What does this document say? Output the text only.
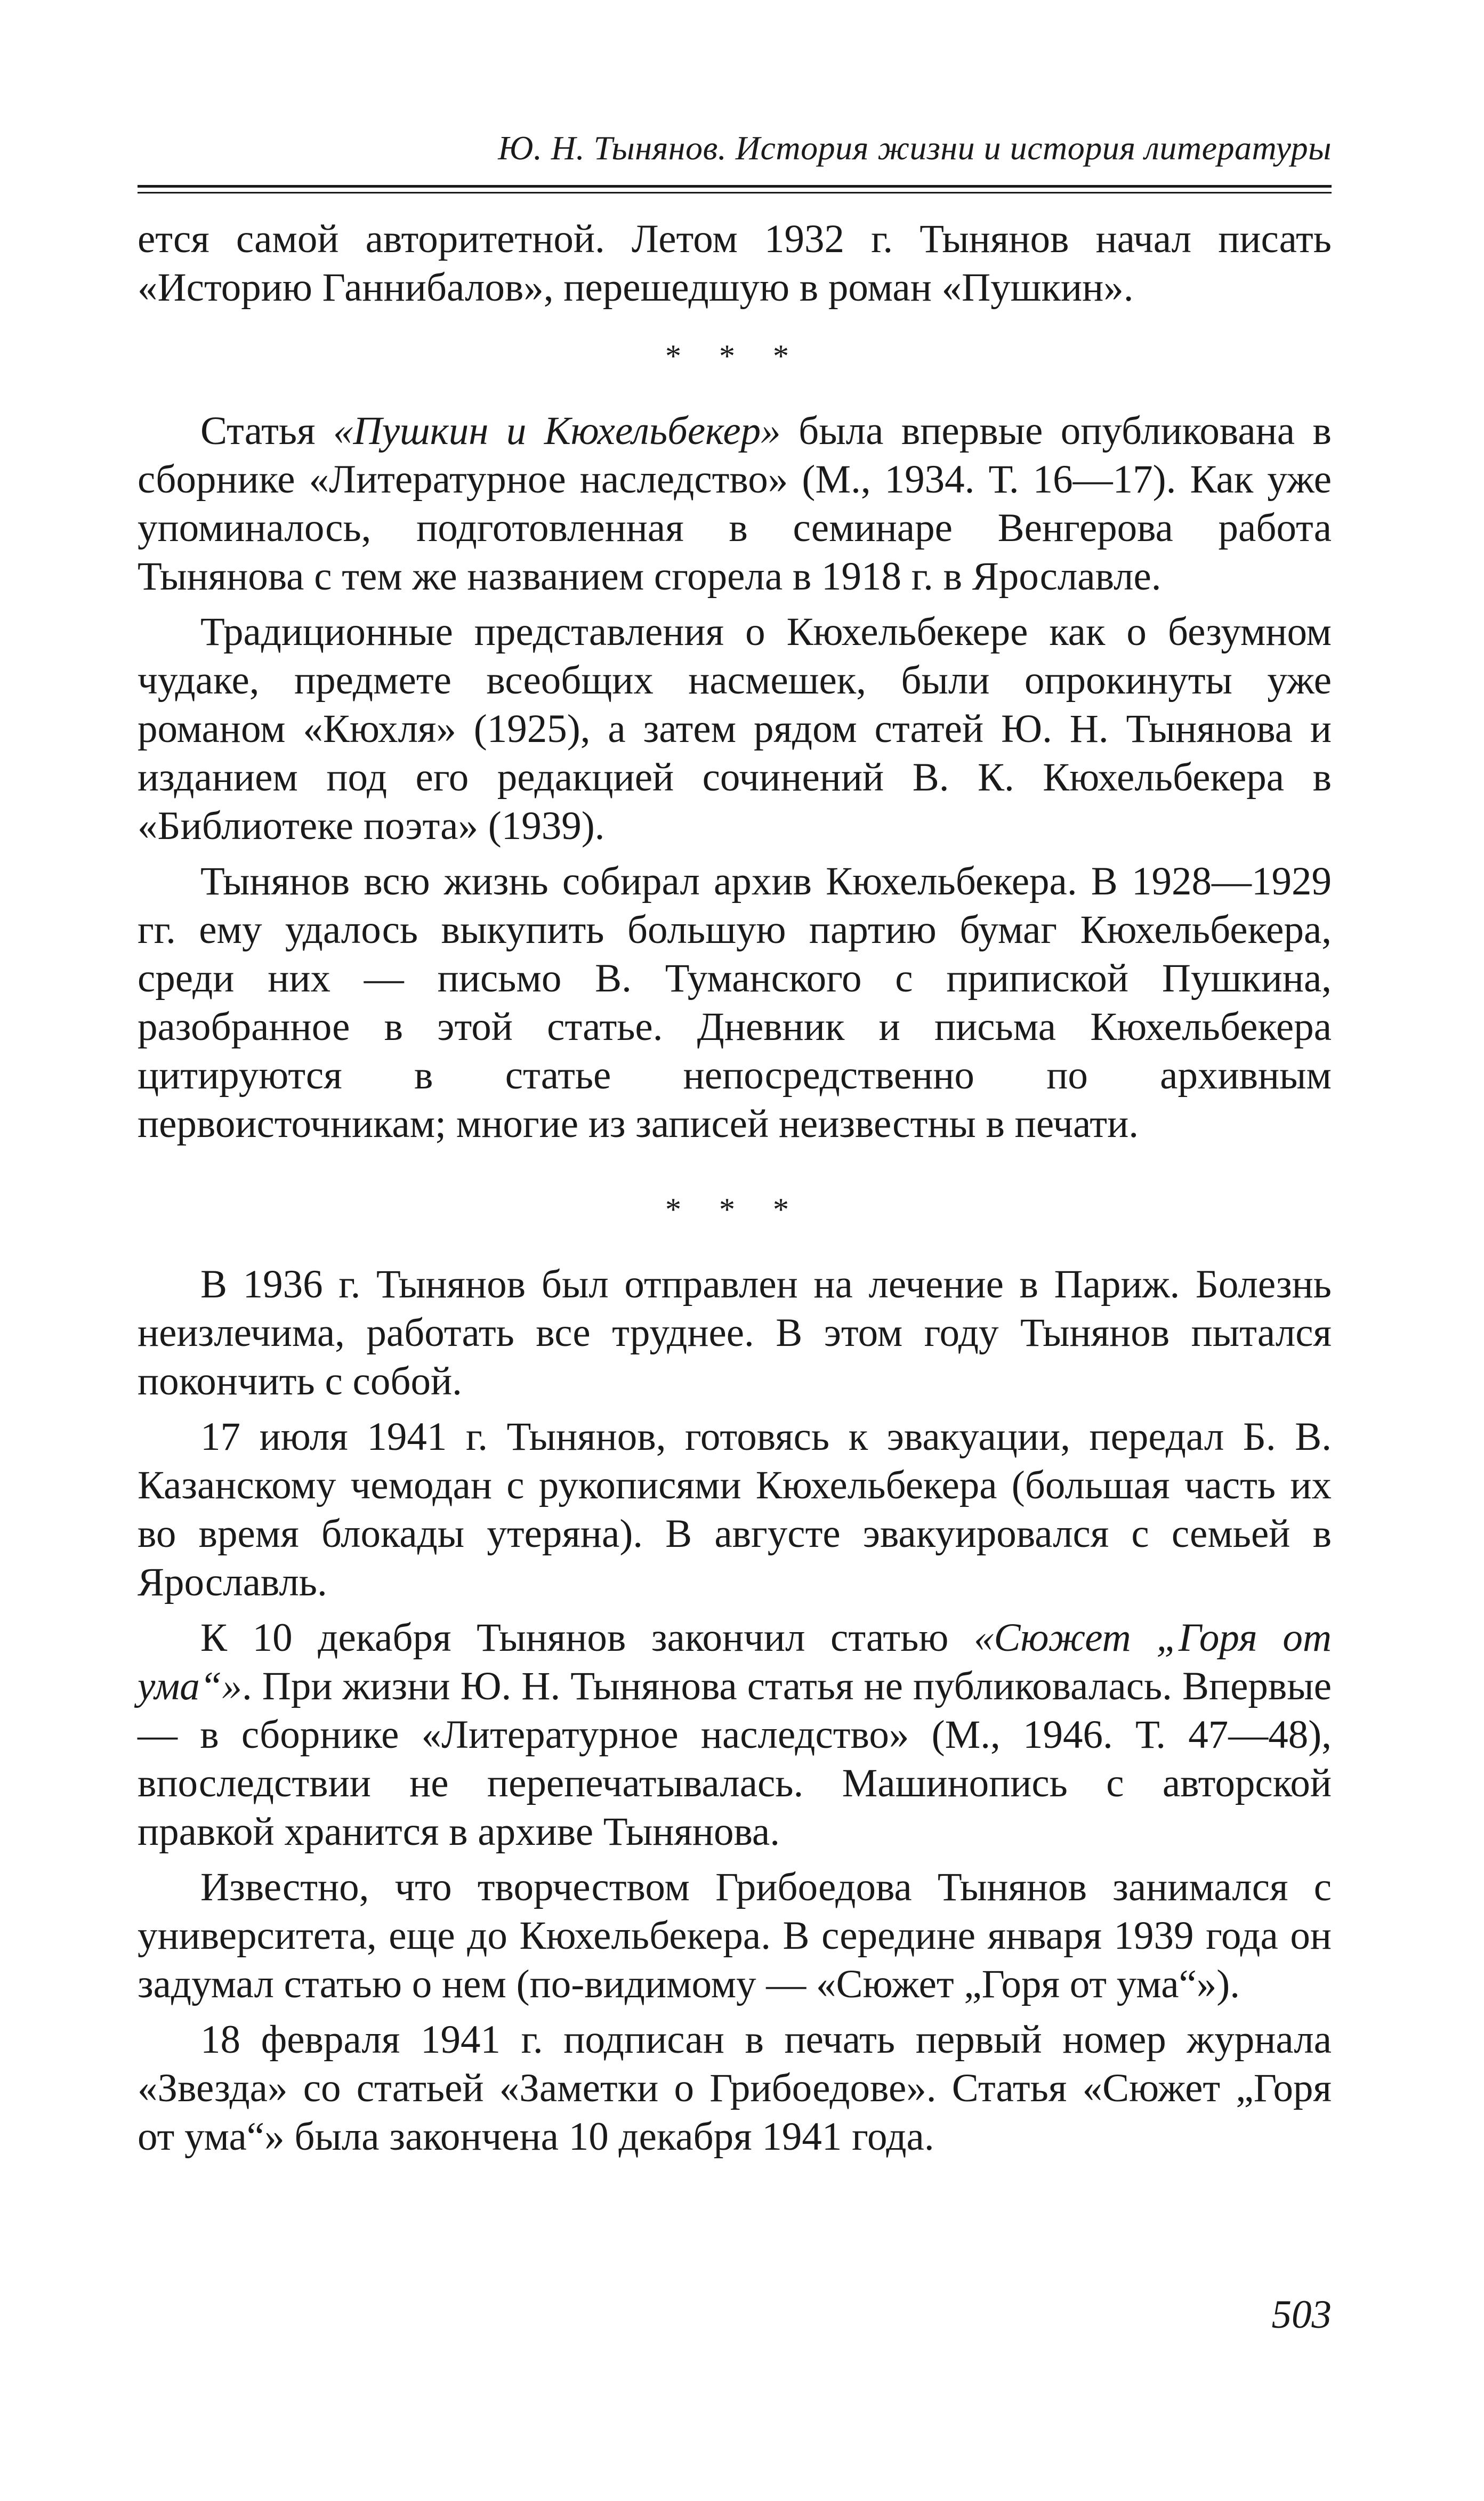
Ю. Н. Тынянов. История жизни и история литературы

ется самой авторитетной. Летом 1932 г. Тынянов начал писать «Историю Ганнибалов», перешедшую в роман «Пушкин».

* * *

Статья «Пушкин и Кюхельбекер» была впервые опубликована в сборнике «Литературное наследство» (М., 1934. Т. 16—17). Как уже упоминалось, подготовленная в семинаре Венгерова работа Тынянова с тем же названием сгорела в 1918 г. в Ярославле.

Традиционные представления о Кюхельбекере как о безумном чудаке, предмете всеобщих насмешек, были опрокинуты уже романом «Кюхля» (1925), а затем рядом статей Ю. Н. Тынянова и изданием под его редакцией сочинений В. К. Кюхельбекера в «Библиотеке поэта» (1939).

Тынянов всю жизнь собирал архив Кюхельбекера. В 1928—1929 гг. ему удалось выкупить большую партию бумаг Кюхельбекера, среди них — письмо В. Туманского с припиской Пушкина, разобранное в этой статье. Дневник и письма Кюхельбекера цитируются в статье непосредственно по архивным первоисточникам; многие из записей неизвестны в печати.

* * *

В 1936 г. Тынянов был отправлен на лечение в Париж. Болезнь неизлечима, работать все труднее. В этом году Тынянов пытался покончить с собой.

17 июля 1941 г. Тынянов, готовясь к эвакуации, передал Б. В. Казанскому чемодан с рукописями Кюхельбекера (большая часть их во время блокады утеряна). В августе эвакуировался с семьей в Ярославль.

К 10 декабря Тынянов закончил статью «Сюжет „Горя от ума“». При жизни Ю. Н. Тынянова статья не публиковалась. Впервые — в сборнике «Литературное наследство» (М., 1946. Т. 47—48), впоследствии не перепечатывалась. Машинопись с авторской правкой хранится в архиве Тынянова.

Известно, что творчеством Грибоедова Тынянов занимался с университета, еще до Кюхельбекера. В середине января 1939 года он задумал статью о нем (по-видимому — «Сюжет „Горя от ума“»).

18 февраля 1941 г. подписан в печать первый номер журнала «Звезда» со статьей «Заметки о Грибоедове». Статья «Сюжет „Горя от ума“» была закончена 10 декабря 1941 года.

503
